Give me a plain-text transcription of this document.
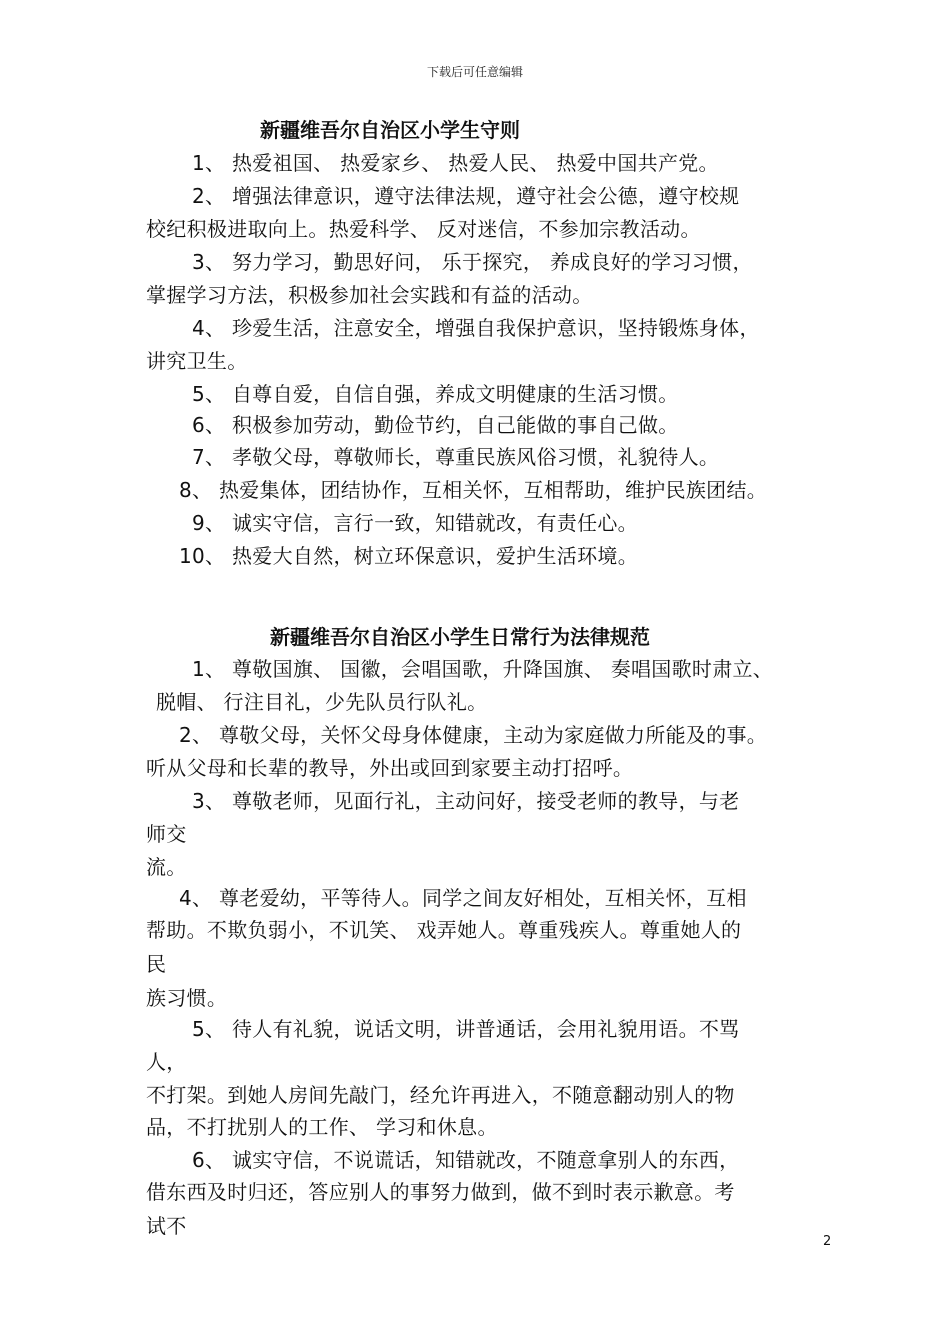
下载后可任意编辑
新疆维吾尔自治区小学生守则
1、 热爱祖国、 热爱家乡、 热爱人民、 热爱中国共产党。
2、 增强法律意识，遵守法律法规，遵守社会公德，遵守校规
校纪积极进取向上。热爱科学、 反对迷信，不参加宗教活动。
3、 努力学习，勤思好问， 乐于探究， 养成良好的学习习惯，
掌握学习方法，积极参加社会实践和有益的活动。
4、 珍爱生活，注意安全，增强自我保护意识，坚持锻炼身体，
讲究卫生。
5、 自尊自爱，自信自强，养成文明健康的生活习惯。
6、 积极参加劳动，勤俭节约，自己能做的事自己做。
7、 孝敬父母，尊敬师长，尊重民族风俗习惯，礼貌待人。
8、 热爱集体，团结协作，互相关怀，互相帮助，维护民族团结。
9、 诚实守信，言行一致，知错就改，有责任心。
10、 热爱大自然，树立环保意识，爱护生活环境。
新疆维吾尔自治区小学生日常行为法律规范
1、 尊敬国旗、 国徽，会唱国歌，升降国旗、 奏唱国歌时肃立、
脱帽、 行注目礼，少先队员行队礼。
2、 尊敬父母，关怀父母身体健康，主动为家庭做力所能及的事。
听从父母和长辈的教导，外出或回到家要主动打招呼。
3、 尊敬老师，见面行礼，主动问好，接受老师的教导，与老
师交
流。
4、 尊老爱幼，平等待人。同学之间友好相处，互相关怀，互相
帮助。不欺负弱小，不讥笑、 戏弄她人。尊重残疾人。尊重她人的
民
族习惯。
5、 待人有礼貌，说话文明，讲普通话，会用礼貌用语。不骂
人，
不打架。到她人房间先敲门，经允许再进入，不随意翻动别人的物
品，不打扰别人的工作、 学习和休息。
6、 诚实守信，不说谎话，知错就改，不随意拿别人的东西，
借东西及时归还，答应别人的事努力做到，做不到时表示歉意。考
试不
2
